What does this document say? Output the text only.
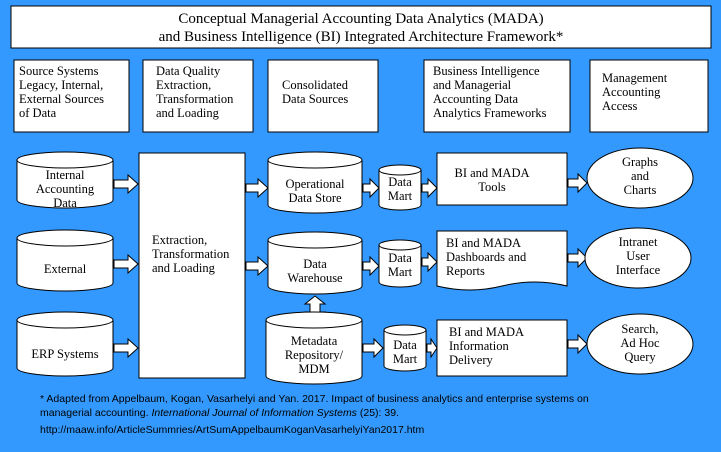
Conceptual Managerial Accounting Data Analytics (MADA)
and Business Intelligence (BI) Integrated Architecture Framework*
Source Systems Legacy, Internal, External Sources of Data
Data Quality Extraction, Transformation and Loading
Consolidated Data Sources
Business Intelligence and Managerial Accounting Data Analytics Frameworks
Management Accounting Access
Internal Accounting Data
External
ERP Systems
Extraction, Transformation and Loading
Operational Data Store
Data Warehouse
Metadata Repository/ MDM
Data Mart
Data Mart
Data Mart
BI and MADA Tools
BI and MADA Dashboards and Reports
BI and MADA Information Delivery
Graphs and Charts
Intranet User Interface
Search, Ad Hoc Query
* Adapted from Appelbaum, Kogan, Vasarhelyi and Yan. 2017. Impact of business analytics and enterprise systems on
managerial accounting. International Journal of Information Systems (25): 39.
http://maaw.info/ArticleSummries/ArtSumAppelbaumKoganVasarhelyiYan2017.htm
